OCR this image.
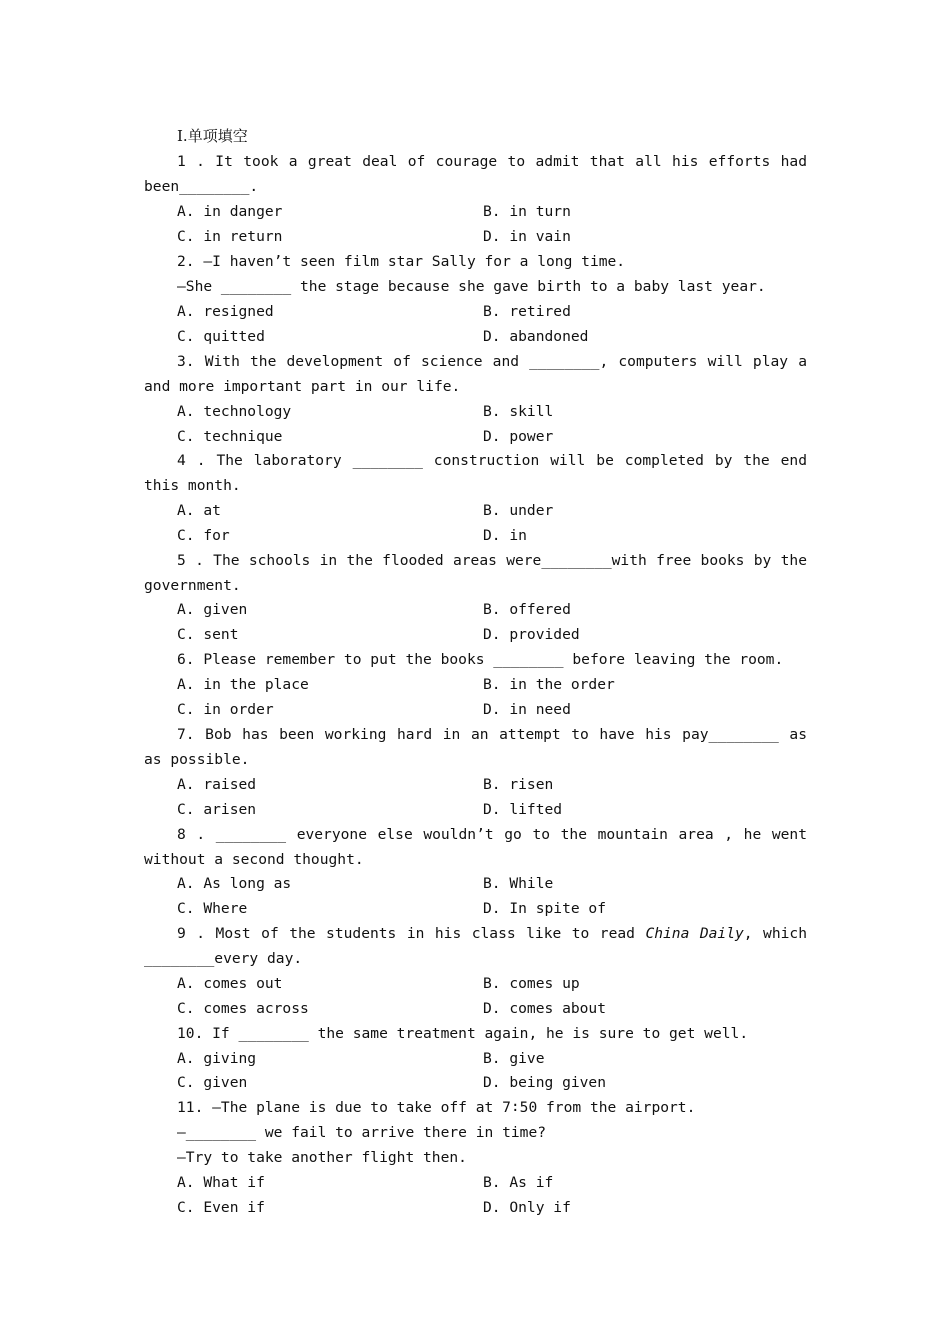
Ⅰ.单项填空
1 . It took a great deal of courage to admit that all his efforts had
been________.
A. in danger	B. in turn
C. in return	D. in vain
2. —I haven’t seen film star Sally for a long time.
—She ________ the stage because she gave birth to a baby last year.
A. resigned	B. retired
C. quitted	D. abandoned
3. With the development of science and ________, computers will play a
and more important part in our life.
A. technology	B. skill
C. technique	D. power
4 . The laboratory ________ construction will be completed by the end
this month.
A. at	B. under
C. for	D. in
5 . The schools in the flooded areas were________with free books by the
government.
A. given	B. offered
C. sent	D. provided
6. Please remember to put the books ________ before leaving the room.
A. in the place	B. in the order
C. in order	D. in need
7. Bob has been working hard in an attempt to have his pay________ as
as possible.
A. raised	B. risen
C. arisen	D. lifted
8 . ________ everyone else wouldn’t go to the mountain area , he went
without a second thought.
A. As long as	B. While
C. Where	D. In spite of
9 . Most of the students in his class like to read China Daily, which
________every day.
A. comes out	B. comes up
C. comes across	D. comes about
10. If ________ the same treatment again, he is sure to get well.
A. giving	B. give
C. given	D. being given
11. —The plane is due to take off at 7∶50 from the airport.
—________ we fail to arrive there in time?
—Try to take another flight then.
A. What if	B. As if
C. Even if	D. Only if
